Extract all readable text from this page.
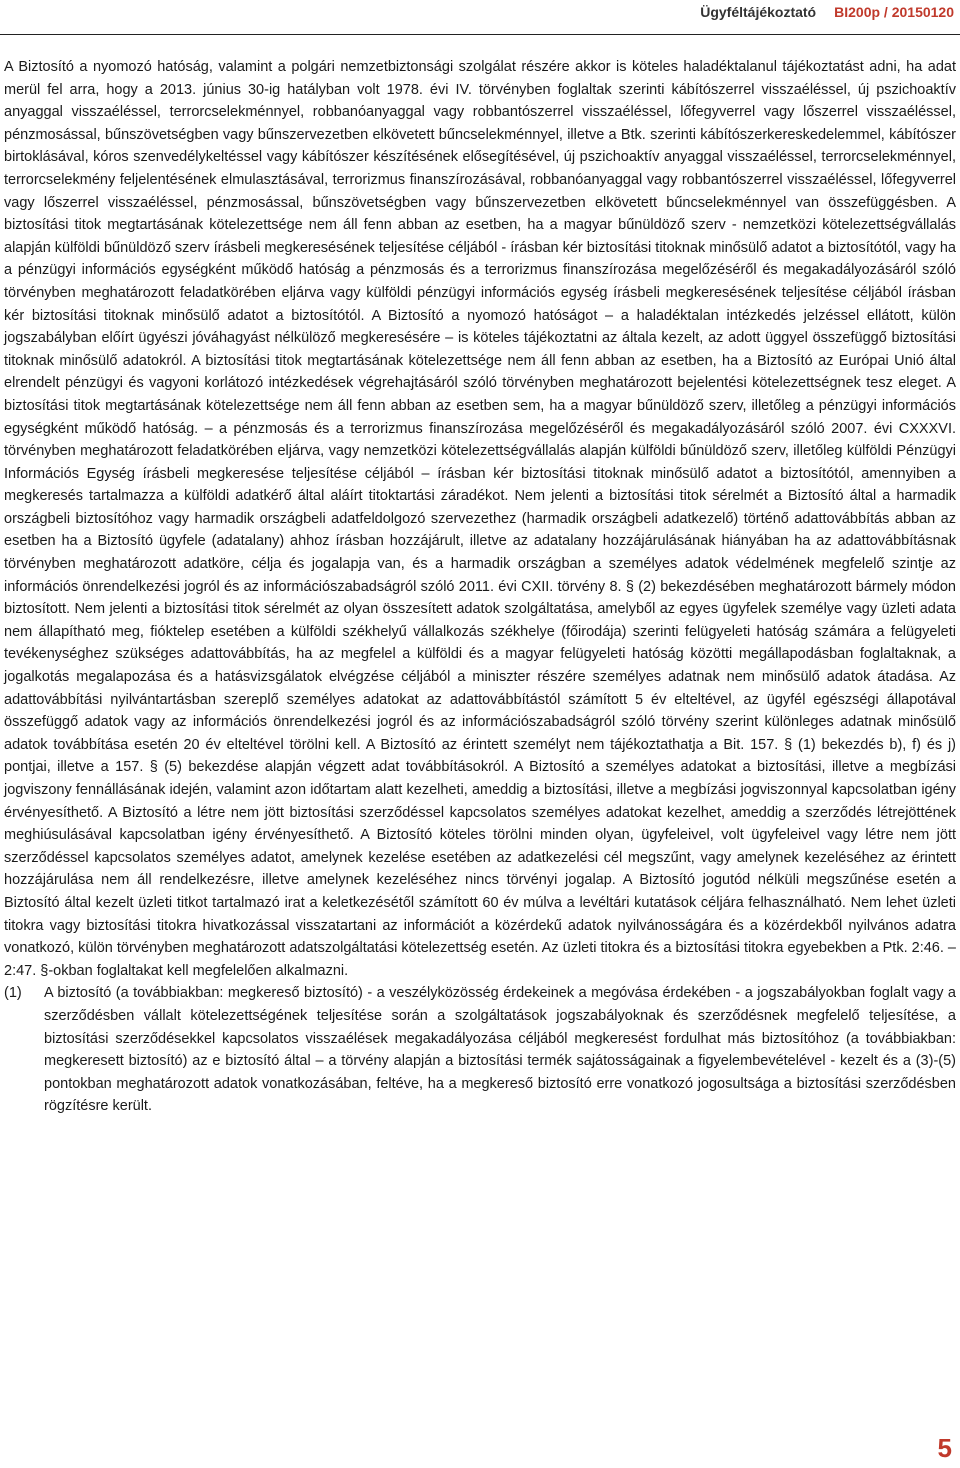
Ügyféltájékoztató BI200p / 20150120

A Biztosító a nyomozó hatóság, valamint a polgári nemzetbiztonsági szolgálat részére akkor is köteles haladéktalanul tájékoztatást adni, ha adat merül fel arra, hogy a 2013. június 30-ig hatályban volt 1978. évi IV. törvényben foglaltak szerinti kábítószerrel visszaéléssel, új pszichoaktív anyaggal visszaéléssel, terrorcselekménnyel, robbanóanyaggal vagy robbantószerrel visszaéléssel, lőfegyverrel vagy lőszerrel visszaéléssel, pénzmosással, bűnszövetségben vagy bűnszervezetben elkövetett bűncselekménnyel, illetve a Btk. szerinti kábítószerkereskedelemmel, kábítószer birtoklásával, kóros szenvedélykeltéssel vagy kábítószer készítésének elősegítésével, új pszichoaktív anyaggal visszaéléssel, terrorcselekménnyel, terrorcselekmény feljelentésének elmulasztásával, terrorizmus finanszírozásával, robbanóanyaggal vagy robbantószerrel visszaéléssel, lőfegyverrel vagy lőszerrel visszaéléssel, pénzmosással, bűnszövetségben vagy bűnszervezetben elkövetett bűncselekménnyel van összefüggésben. A biztosítási titok megtartásának kötelezettsége nem áll fenn abban az esetben, ha a magyar bűnüldöző szerv - nemzetközi kötelezettségvállalás alapján külföldi bűnüldöző szerv írásbeli megkeresésének teljesítése céljából - írásban kér biztosítási titoknak minősülő adatot a biztosítótól, vagy ha a pénzügyi információs egységként működő hatóság a pénzmosás és a terrorizmus finanszírozása megelőzéséről és megakadályozásáról szóló törvényben meghatározott feladatkörében eljárva vagy külföldi pénzügyi információs egység írásbeli megkeresésének teljesítése céljából írásban kér biztosítási titoknak minősülő adatot a biztosítótól. A Biztosító a nyomozó hatóságot – a haladéktalan intézkedés jelzéssel ellátott, külön jogszabályban előírt ügyészi jóváhagyást nélkülöző megkeresésére – is köteles tájékoztatni az általa kezelt, az adott üggyel összefüggő biztosítási titoknak minősülő adatokról. A biztosítási titok megtartásának kötelezettsége nem áll fenn abban az esetben, ha a Biztosító az Európai Unió által elrendelt pénzügyi és vagyoni korlátozó intézkedések végrehajtásáról szóló törvényben meghatározott bejelentési kötelezettségnek tesz eleget. A biztosítási titok megtartásának kötelezettsége nem áll fenn abban az esetben sem, ha a magyar bűnüldöző szerv, illetőleg a pénzügyi információs egységként működő hatóság. – a pénzmosás és a terrorizmus finanszírozása megelőzéséről és megakadályozásáról szóló 2007. évi CXXXVI. törvényben meghatározott feladatkörében eljárva, vagy nemzetközi kötelezettségvállalás alapján külföldi bűnüldöző szerv, illetőleg külföldi Pénzügyi Információs Egység írásbeli megkeresése teljesítése céljából – írásban kér biztosítási titoknak minősülő adatot a biztosítótól, amennyiben a megkeresés tartalmazza a külföldi adatkérő által aláírt titoktartási záradékot. Nem jelenti a biztosítási titok sérelmét a Biztosító által a harmadik országbeli biztosítóhoz vagy harmadik országbeli adatfeldolgozó szervezethez (harmadik országbeli adatkezelő) történő adattovábbítás abban az esetben ha a Biztosító ügyfele (adatalany) ahhoz írásban hozzájárult, illetve az adatalany hozzájárulásának hiányában ha az adattovábbításnak törvényben meghatározott adatköre, célja és jogalapja van, és a harmadik országban a személyes adatok védelmének megfelelő szintje az információs önrendelkezési jogról és az információszabadságról szóló 2011. évi CXII. törvény 8. § (2) bekezdésében meghatározott bármely módon biztosított. Nem jelenti a biztosítási titok sérelmét az olyan összesített adatok szolgáltatása, amelyből az egyes ügyfelek személye vagy üzleti adata nem állapítható meg, fióktelep esetében a külföldi székhelyű vállalkozás székhelye (főirodája) szerinti felügyeleti hatóság számára a felügyeleti tevékenységhez szükséges adattovábbítás, ha az megfelel a külföldi és a magyar felügyeleti hatóság közötti megállapodásban foglaltaknak, a jogalkotás megalapozása és a hatásvizsgálatok elvégzése céljából a miniszter részére személyes adatnak nem minősülő adatok átadása. Az adattovábbítási nyilvántartásban szereplő személyes adatokat az adattovábbítástól számított 5 év elteltével, az ügyfél egészségi állapotával összefüggő adatok vagy az információs önrendelkezési jogról és az információszabadságról szóló törvény szerint különleges adatnak minősülő adatok továbbítása esetén 20 év elteltével törölni kell. A Biztosító az érintett személyt nem tájékoztathatja a Bit. 157. § (1) bekezdés b), f) és j) pontjai, illetve a 157. § (5) bekezdése alapján végzett adat továbbításokról. A Biztosító a személyes adatokat a biztosítási, illetve a megbízási jogviszony fennállásának idején, valamint azon időtartam alatt kezelheti, ameddig a biztosítási, illetve a megbízási jogviszonnyal kapcsolatban igény érvényesíthető. A Biztosító a létre nem jött biztosítási szerződéssel kapcsolatos személyes adatokat kezelhet, ameddig a szerződés létrejöttének meghiúsulásával kapcsolatban igény érvényesíthető. A Biztosító köteles törölni minden olyan, ügyfeleivel, volt ügyfeleivel vagy létre nem jött szerződéssel kapcsolatos személyes adatot, amelynek kezelése esetében az adatkezelési cél megszűnt, vagy amelynek kezeléséhez az érintett hozzájárulása nem áll rendelkezésre, illetve amelynek kezeléséhez nincs törvényi jogalap. A Biztosító jogutód nélküli megszűnése esetén a Biztosító által kezelt üzleti titkot tartalmazó irat a keletkezésétől számított 60 év múlva a levéltári kutatások céljára felhasználható. Nem lehet üzleti titokra vagy biztosítási titokra hivatkozással visszatartani az információt a közérdekű adatok nyilvánosságára és a közérdekből nyilvános adatra vonatkozó, külön törvényben meghatározott adatszolgáltatási kötelezettség esetén. Az üzleti titokra és a biztosítási titokra egyebekben a Ptk. 2:46. – 2:47. §-okban foglaltakat kell megfelelően alkalmazni.

(1)	A biztosító (a továbbiakban: megkereső biztosító) - a veszélyközösség érdekeinek a megóvása érdekében - a jogszabályokban foglalt vagy a szerződésben vállalt kötelezettségének teljesítése során a szolgáltatások jogszabályoknak és szerződésnek megfelelő teljesítése, a biztosítási szerződésekkel kapcsolatos visszaélések megakadályozása céljából megkeresést fordulhat más biztosítóhoz (a továbbiakban: megkeresett biztosító) az e biztosító által – a törvény alapján a biztosítási termék sajátosságainak a figyelembevételével - kezelt és a (3)-(5) pontokban meghatározott adatok vonatkozásában, feltéve, ha a megkereső biztosító erre vonatkozó jogosultsága a biztosítási szerződésben rögzítésre került.
5
